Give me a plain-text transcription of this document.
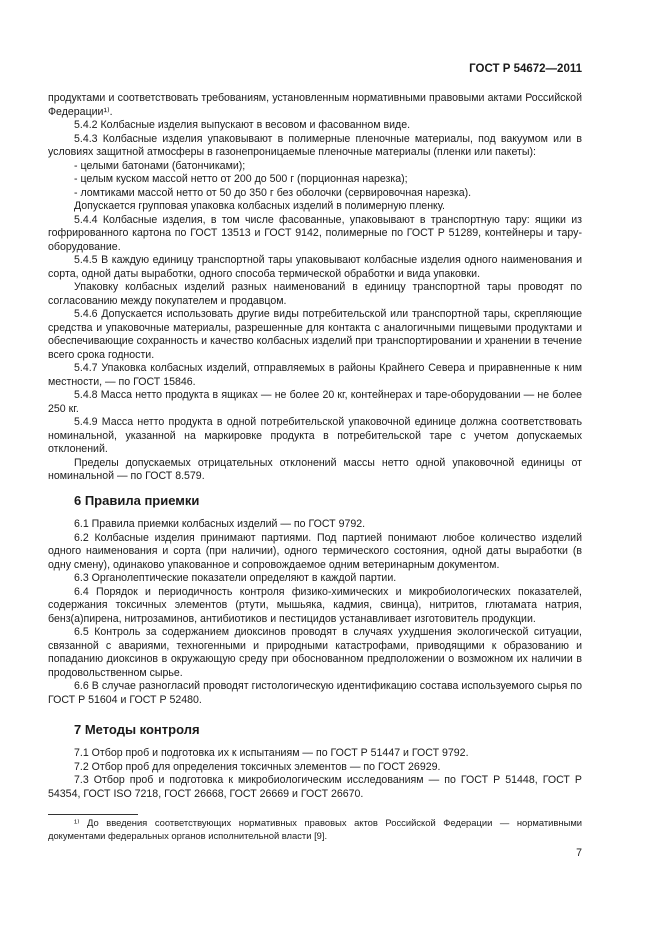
ГОСТ Р 54672—2011

продуктами и соответствовать требованиям, установленным нормативными правовыми актами Российской Федерации¹⁾.

5.4.2 Колбасные изделия выпускают в весовом и фасованном виде.

5.4.3 Колбасные изделия упаковывают в полимерные пленочные материалы, под вакуумом или в условиях защитной атмосферы в газонепроницаемые пленочные материалы (пленки или пакеты):

- целыми батонами (батончиками);

- целым куском массой нетто от 200 до 500 г (порционная нарезка);

- ломтиками массой нетто от 50 до 350 г без оболочки (сервировочная нарезка).

Допускается групповая упаковка колбасных изделий в полимерную пленку.

5.4.4 Колбасные изделия, в том числе фасованные, упаковывают в транспортную тару: ящики из гофрированного картона по ГОСТ 13513 и ГОСТ 9142, полимерные по ГОСТ Р 51289, контейнеры и тару-оборудование.

5.4.5 В каждую единицу транспортной тары упаковывают колбасные изделия одного наименования и сорта, одной даты выработки, одного способа термической обработки и вида упаковки.

Упаковку колбасных изделий разных наименований в единицу транспортной тары проводят по согласованию между покупателем и продавцом.

5.4.6 Допускается использовать другие виды потребительской или транспортной тары, скрепляющие средства и упаковочные материалы, разрешенные для контакта с аналогичными пищевыми продуктами и обеспечивающие сохранность и качество колбасных изделий при транспортировании и хранении в течение всего срока годности.

5.4.7 Упаковка колбасных изделий, отправляемых в районы Крайнего Севера и приравненные к ним местности, — по ГОСТ 15846.

5.4.8 Масса нетто продукта в ящиках — не более 20 кг, контейнерах и таре-оборудовании — не более 250 кг.

5.4.9 Масса нетто продукта в одной потребительской упаковочной единице должна соответствовать номинальной, указанной на маркировке продукта в потребительской таре с учетом допускаемых отклонений.

Пределы допускаемых отрицательных отклонений массы нетто одной упаковочной единицы от номинальной — по ГОСТ 8.579.

6 Правила приемки

6.1 Правила приемки колбасных изделий — по ГОСТ 9792.

6.2 Колбасные изделия принимают партиями. Под партией понимают любое количество изделий одного наименования и сорта (при наличии), одного термического состояния, одной даты выработки (в одну смену), одинаково упакованное и сопровождаемое одним ветеринарным документом.

6.3 Органолептические показатели определяют в каждой партии.

6.4 Порядок и периодичность контроля физико-химических и микробиологических показателей, содержания токсичных элементов (ртути, мышьяка, кадмия, свинца), нитритов, глютамата натрия, бенз(а)пирена, нитрозаминов, антибиотиков и пестицидов устанавливает изготовитель продукции.

6.5 Контроль за содержанием диоксинов проводят в случаях ухудшения экологической ситуации, связанной с авариями, техногенными и природными катастрофами, приводящими к образованию и попаданию диоксинов в окружающую среду при обоснованном предположении о возможном их наличии в продовольственном сырье.

6.6 В случае разногласий проводят гистологическую идентификацию состава используемого сырья по ГОСТ Р 51604 и ГОСТ Р 52480.

7 Методы контроля

7.1 Отбор проб и подготовка их к испытаниям — по ГОСТ Р 51447 и ГОСТ 9792.

7.2 Отбор проб для определения токсичных элементов — по ГОСТ 26929.

7.3 Отбор проб и подготовка к микробиологическим исследованиям — по ГОСТ Р 51448, ГОСТ Р 54354, ГОСТ ISO 7218, ГОСТ 26668, ГОСТ 26669 и ГОСТ 26670.

¹⁾ До введения соответствующих нормативных правовых актов Российской Федерации — нормативными документами федеральных органов исполнительной власти [9].
7
